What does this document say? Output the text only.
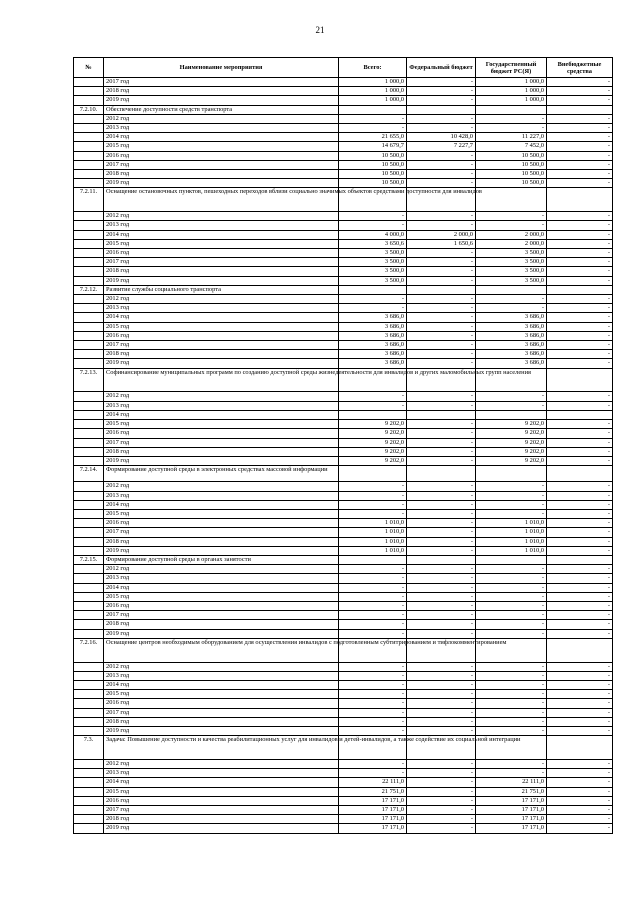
21
№	Наименование мероприятия	Всего:	Федеральный бюджет	Государственный бюджет РС(Я)	Внебюджетные средства
	2017 год	1 000,0	-	1 000,0	-
	2018 год	1 000,0	-	1 000,0	-
	2019 год	1 000,0	-	1 000,0	-
7.2.10.	Обеспечение доступности средств транспорта				
	2012 год	-	-	-	-
	2013 год	-	-	-	-
	2014 год	21 655,0	10 428,0	11 227,0	-
	2015 год	14 679,7	7 227,7	7 452,0	-
	2016 год	10 500,0	-	10 500,0	-
	2017 год	10 500,0	-	10 500,0	-
	2018 год	10 500,0	-	10 500,0	-
	2019 год	10 500,0	-	10 500,0	-
7.2.11.	Оснащение остановочных пунктов, пешеходных переходов вблизи социально значимых объектов средствами доступности для инвалидов				
	2012 год	-	-	-	-
	2013 год	-	-	-	-
	2014 год	4 000,0	2 000,0	2 000,0	-
	2015 год	3 650,6	1 650,6	2 000,0	-
	2016 год	3 500,0	-	3 500,0	-
	2017 год	3 500,0	-	3 500,0	-
	2018 год	3 500,0	-	3 500,0	-
	2019 год	3 500,0	-	3 500,0	-
7.2.12.	Развитие службы социального транспорта				
	2012 год	-	-	-	-
	2013 год	-	-	-	-
	2014 год	3 686,0	-	3 686,0	-
	2015 год	3 686,0	-	3 686,0	-
	2016 год	3 686,0	-	3 686,0	-
	2017 год	3 686,0	-	3 686,0	-
	2018 год	3 686,0	-	3 686,0	-
	2019 год	3 686,0	-	3 686,0	-
7.2.13.	Софинансирование муниципальных программ по созданию доступной среды жизнедеятельности для инвалидов и других маломобильных групп населения				
	2012 год	-	-	-	-
	2013 год	-	-	-	-
	2014 год				
	2015 год	9 202,0	-	9 202,0	-
	2016 год	9 202,0	-	9 202,0	-
	2017 год	9 202,0	-	9 202,0	-
	2018 год	9 202,0	-	9 202,0	-
	2019 год	9 202,0	-	9 202,0	-
7.2.14.	Формирование доступной среды в электронных средствах массовой информации				
	2012 год	-	-	-	-
	2013 год	-	-	-	-
	2014 год	-	-	-	-
	2015 год	-	-	-	-
	2016 год	1 010,0	-	1 010,0	-
	2017 год	1 010,0	-	1 010,0	-
	2018 год	1 010,0	-	1 010,0	-
	2019 год	1 010,0	-	1 010,0	-
7.2.15.	Формирование доступной среды в органах занятости				
	2012 год	-	-	-	-
	2013 год	-	-	-	-
	2014 год	-	-	-	-
	2015 год	-	-	-	-
	2016 год	-	-	-	-
	2017 год	-	-	-	-
	2018 год	-	-	-	-
	2019 год	-	-	-	-
7.2.16.	Оснащение центров необходимым оборудованием для осуществления инвалидов с подготовленным субтитрированием и тифлокомментированием				
	2012 год	-	-	-	-
	2013 год	-	-	-	-
	2014 год	-	-	-	-
	2015 год	-	-	-	-
	2016 год	-	-	-	-
	2017 год	-	-	-	-
	2018 год	-	-	-	-
	2019 год	-	-	-	-
7.3.	Задача: Повышение доступности и качества реабилитационных услуг для инвалидов и детей-инвалидов, а также содействие их социальной интеграции				
	2012 год	-	-	-	-
	2013 год	-	-	-	-
	2014 год	22 111,0	-	22 111,0	-
	2015 год	21 751,0	-	21 751,0	-
	2016 год	17 171,0	-	17 171,0	-
	2017 год	17 171,0	-	17 171,0	-
	2018 год	17 171,0	-	17 171,0	-
	2019 год	17 171,0	-	17 171,0	-
